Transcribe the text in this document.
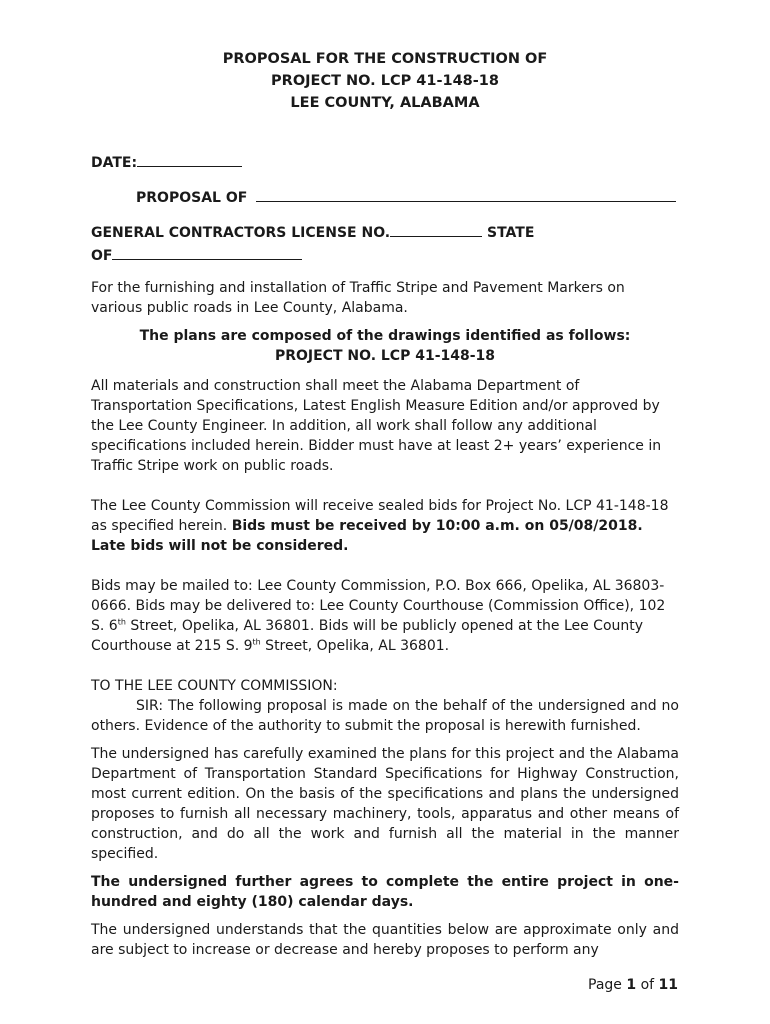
PROPOSAL FOR THE CONSTRUCTION OF
PROJECT NO. LCP 41-148-18
LEE COUNTY, ALABAMA
DATE:
PROPOSAL OF
GENERAL CONTRACTORS LICENSE NO.	STATE
OF
For the furnishing and installation of Traffic Stripe and Pavement Markers on various public roads in Lee County, Alabama.
The plans are composed of the drawings identified as follows:
PROJECT NO. LCP 41-148-18
All materials and construction shall meet the Alabama Department of Transportation Specifications, Latest English Measure Edition and/or approved by the Lee County Engineer. In addition, all work shall follow any additional specifications included herein. Bidder must have at least 2+ years’ experience in Traffic Stripe work on public roads.
The Lee County Commission will receive sealed bids for Project No. LCP 41-148-18 as specified herein. Bids must be received by 10:00 a.m. on 05/08/2018. Late bids will not be considered.
Bids may be mailed to: Lee County Commission, P.O. Box 666, Opelika, AL 36803-0666. Bids may be delivered to: Lee County Courthouse (Commission Office), 102 S. 6th Street, Opelika, AL 36801. Bids will be publicly opened at the Lee County Courthouse at 215 S. 9th Street, Opelika, AL 36801.
TO THE LEE COUNTY COMMISSION:
SIR: The following proposal is made on the behalf of the undersigned and no others. Evidence of the authority to submit the proposal is herewith furnished.
The undersigned has carefully examined the plans for this project and the Alabama Department of Transportation Standard Specifications for Highway Construction, most current edition. On the basis of the specifications and plans the undersigned proposes to furnish all necessary machinery, tools, apparatus and other means of construction, and do all the work and furnish all the material in the manner specified.
The undersigned further agrees to complete the entire project in one-hundred and eighty (180) calendar days.
The undersigned understands that the quantities below are approximate only and are subject to increase or decrease and hereby proposes to perform any
Page 1 of 11
